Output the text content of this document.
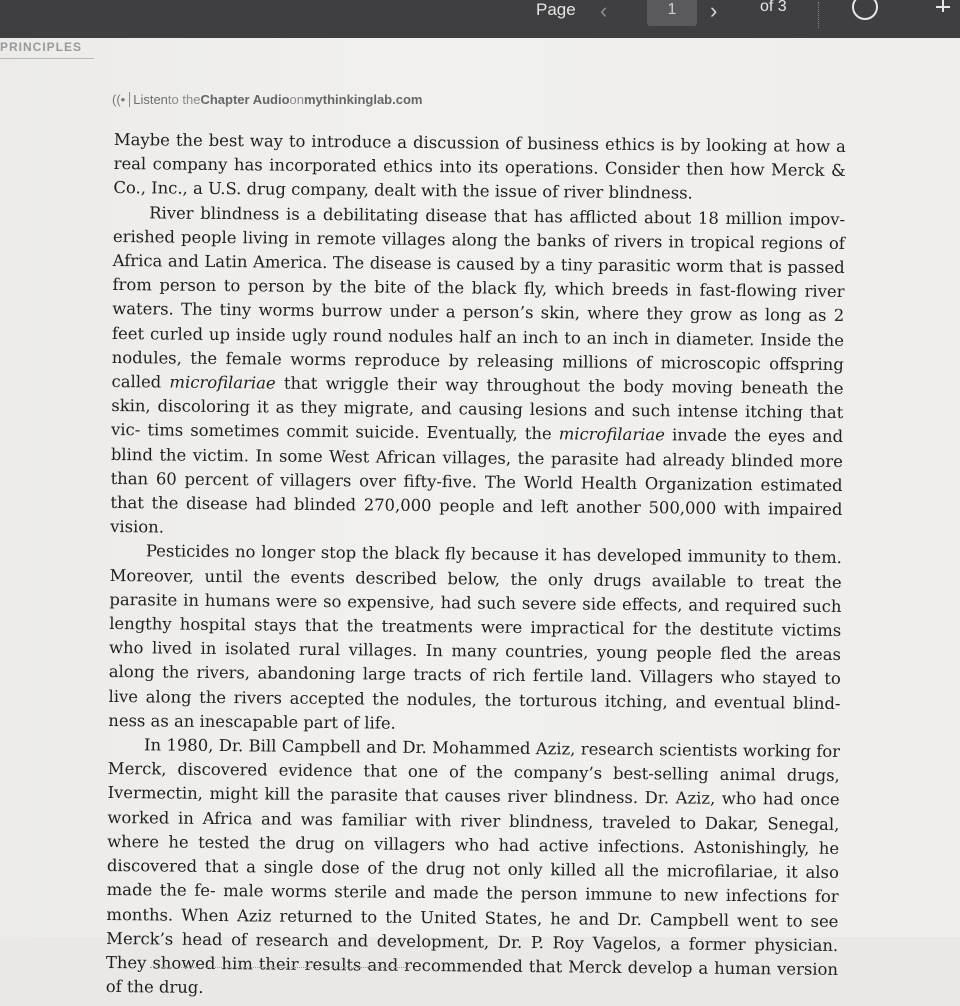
Page ‹	1	›	of 3
PRINCIPLES
((• Listen to the Chapter Audio on mythinkinglab.com

Maybe the best way to introduce a discussion of business ethics is by looking at how a real company has incorporated ethics into its operations. Consider then how Merck & Co., Inc., a U.S. drug company, dealt with the issue of river blindness.

River blindness is a debilitating disease that has afflicted about 18 million impov- erished people living in remote villages along the banks of rivers in tropical regions of Africa and Latin America. The disease is caused by a tiny parasitic worm that is passed from person to person by the bite of the black fly, which breeds in fast-flowing river waters. The tiny worms burrow under a person’s skin, where they grow as long as 2 feet curled up inside ugly round nodules half an inch to an inch in diameter. Inside the nodules, the female worms reproduce by releasing millions of microscopic offspring called microfilariae that wriggle their way throughout the body moving beneath the skin, discoloring it as they migrate, and causing lesions and such intense itching that vic- tims sometimes commit suicide. Eventually, the microfilariae invade the eyes and blind the victim. In some West African villages, the parasite had already blinded more than 60 percent of villagers over fifty-five. The World Health Organization estimated that the disease had blinded 270,000 people and left another 500,000 with impaired vision.

Pesticides no longer stop the black fly because it has developed immunity to them. Moreover, until the events described below, the only drugs available to treat the parasite in humans were so expensive, had such severe side effects, and required such lengthy hospital stays that the treatments were impractical for the destitute victims who lived in isolated rural villages. In many countries, young people fled the areas along the rivers, abandoning large tracts of rich fertile land. Villagers who stayed to live along the rivers accepted the nodules, the torturous itching, and eventual blind- ness as an inescapable part of life.

In 1980, Dr. Bill Campbell and Dr. Mohammed Aziz, research scientists working for Merck, discovered evidence that one of the company’s best-selling animal drugs, Ivermectin, might kill the parasite that causes river blindness. Dr. Aziz, who had once worked in Africa and was familiar with river blindness, traveled to Dakar, Senegal, where he tested the drug on villagers who had active infections. Astonishingly, he discovered that a single dose of the drug not only killed all the microfilariae, it also made the fe- male worms sterile and made the person immune to new infections for months. When Aziz returned to the United States, he and Dr. Campbell went to see Merck’s head of research and development, Dr. P. Roy Vagelos, a former physician. They showed him their results and recommended that Merck develop a human version of the drug.
